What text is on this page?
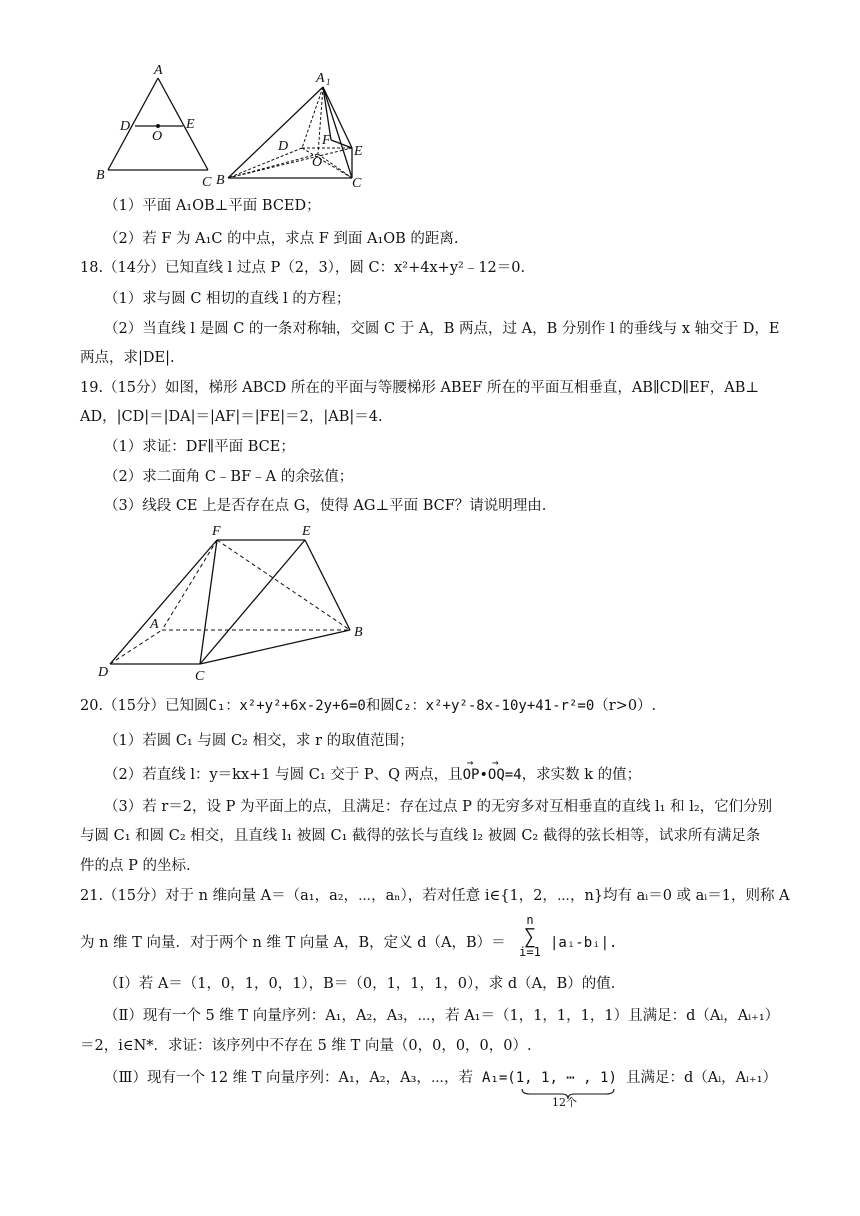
A
D
O
E
B	C
A 1
D F
E
O
B	C
（1）平面 A₁OB⊥平面 BCED；
（2）若 F 为 A₁C 的中点，求点 F 到面 A₁OB 的距离.
18.（14分）已知直线 l 过点 P（2，3），圆 C：x²+4x+y²﹣12＝0.
（1）求与圆 C 相切的直线 l 的方程；
（2）当直线 l 是圆 C 的一条对称轴，交圆 C 于 A，B 两点，过 A，B 分别作 l 的垂线与 x 轴交于 D，E
两点，求|DE|.
19.（15分）如图，梯形 ABCD 所在的平面与等腰梯形 ABEF 所在的平面互相垂直，AB∥CD∥EF，AB⊥
AD，|CD|＝|DA|＝|AF|＝|FE|＝2，|AB|＝4.
（1）求证：DF∥平面 BCE；
（2）求二面角 C﹣BF﹣A 的余弦值；
（3）线段 CE 上是否存在点 G，使得 AG⊥平面 BCF？请说明理由.
F	E
A
B
D	C
20.（15分）已知圆C₁：x²+y²+6x-2y+6=0和圆C₂：x²+y²-8x-10y+41-r²=0（r>0）.
（1）若圆 C₁ 与圆 C₂ 相交，求 r 的取值范围；
（2）若直线 l：y＝kx+1 与圆 C₁ 交于 P、Q 两点，且→ OP•→ OQ=4，求实数 k 的值；
（3）若 r＝2，设 P 为平面上的点，且满足：存在过点 P 的无穷多对互相垂直的直线 l₁ 和 l₂，它们分别
与圆 C₁ 和圆 C₂ 相交，且直线 l₁ 被圆 C₁ 截得的弦长与直线 l₂ 被圆 C₂ 截得的弦长相等，试求所有满足条
件的点 P 的坐标.
21.（15分）对于 n 维向量 A＝（a₁，a₂，⋯，aₙ），若对任意 i∈{1，2，⋯，n}均有 aᵢ＝0 或 aᵢ＝1，则称 A
为 n 维 T 向量．对于两个 n 维 T 向量 A，B，定义 d（A，B）＝
n
∑
i=1
|aᵢ-bᵢ|.
（Ⅰ）若 A＝（1，0，1，0，1），B＝（0，1，1，1，0），求 d（A，B）的值.
（Ⅱ）现有一个 5 维 T 向量序列：A₁，A₂，A₃，⋯，若 A₁＝（1，1，1，1，1）且满足：d（Aᵢ，Aᵢ₊₁）
＝2，i∈N*．求证：该序列中不存在 5 维 T 向量（0，0，0，0，0）.
（Ⅲ）现有一个 12 维 T 向量序列：A₁，A₂，A₃，⋯，若 A₁=(1, 1, ⋯ , 1)
12个
且满足：d（Aᵢ，Aᵢ₊₁）
